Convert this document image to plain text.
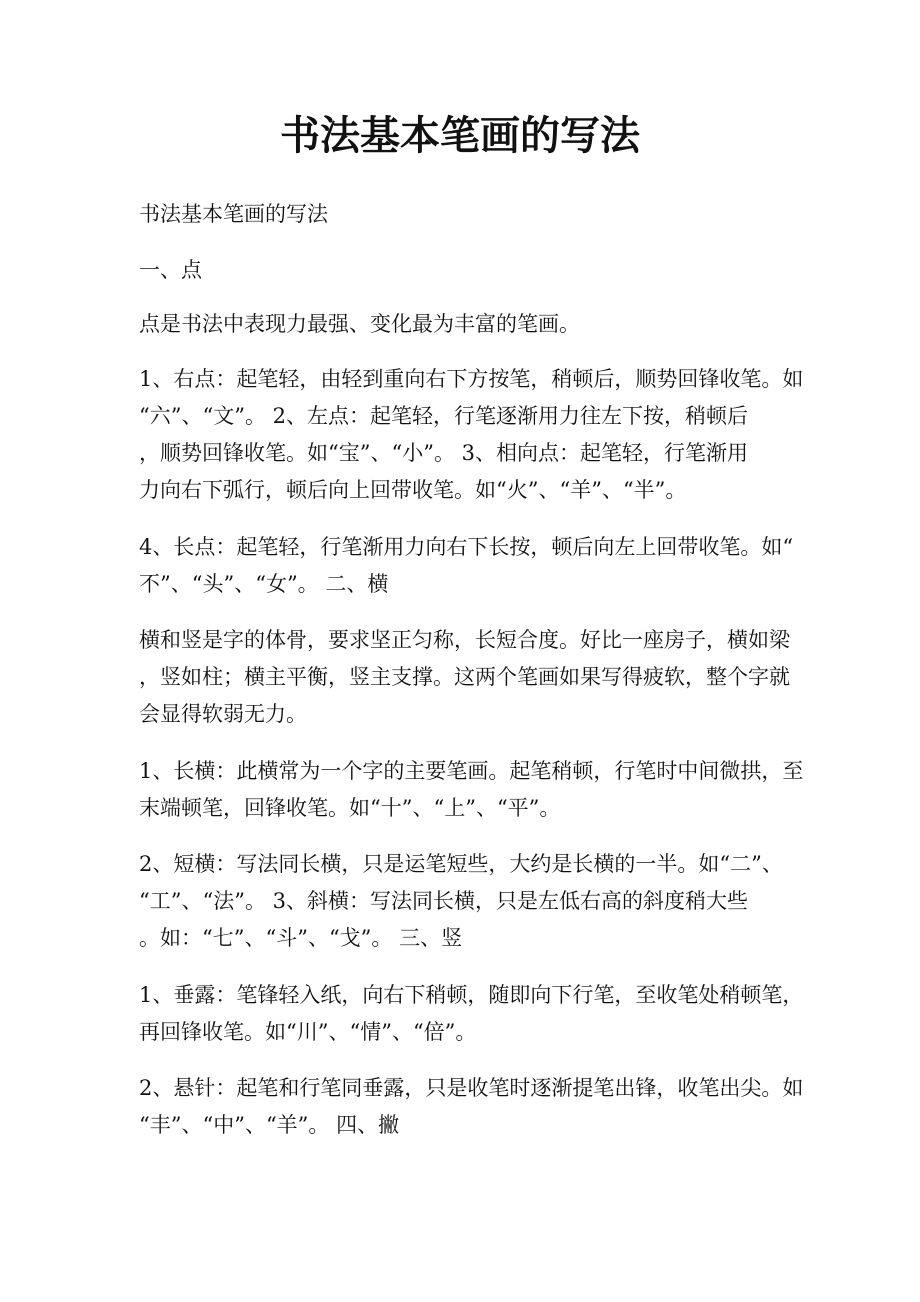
书法基本笔画的写法
书法基本笔画的写法
一、点
点是书法中表现力最强、变化最为丰富的笔画。
1、右点：起笔轻，由轻到重向右下方按笔，稍顿后，顺势回锋收笔。如
“六”、“文”。 2、左点：起笔轻，行笔逐渐用力往左下按，稍顿后
，顺势回锋收笔。如“宝”、“小”。 3、相向点：起笔轻，行笔渐用
力向右下弧行，顿后向上回带收笔。如“火”、“羊”、“半”。
4、长点：起笔轻，行笔渐用力向右下长按，顿后向左上回带收笔。如“
不”、“头”、“女”。 二、横
横和竖是字的体骨，要求坚正匀称，长短合度。好比一座房子，横如梁
，竖如柱；横主平衡，竖主支撑。这两个笔画如果写得疲软，整个字就
会显得软弱无力。
1、长横：此横常为一个字的主要笔画。起笔稍顿，行笔时中间微拱，至
末端顿笔，回锋收笔。如“十”、“上”、“平”。
2、短横：写法同长横，只是运笔短些，大约是长横的一半。如“二”、
“工”、“法”。 3、斜横：写法同长横，只是左低右高的斜度稍大些
。如：“七”、“斗”、“戈”。 三、竖
1、垂露：笔锋轻入纸，向右下稍顿，随即向下行笔，至收笔处稍顿笔，
再回锋收笔。如“川”、“情”、“倍”。
2、悬针：起笔和行笔同垂露，只是收笔时逐渐提笔出锋，收笔出尖。如
“丰”、“中”、“羊”。 四、撇
